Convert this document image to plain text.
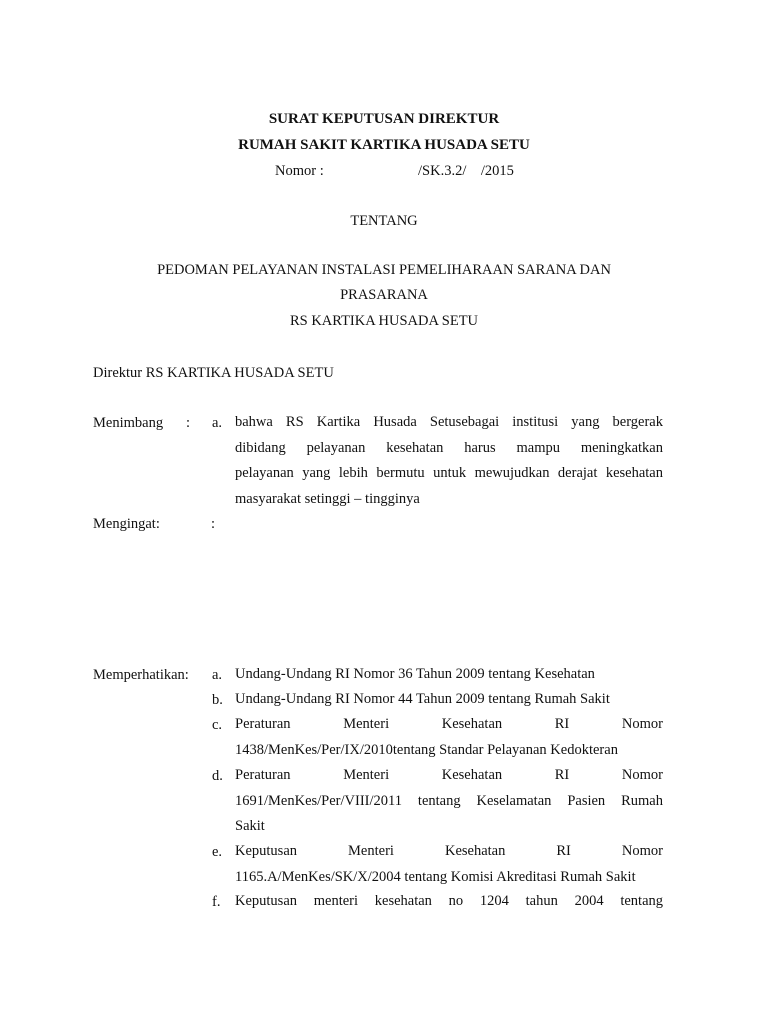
SURAT KEPUTUSAN DIREKTUR
RUMAH SAKIT KARTIKA HUSADA SETU
Nomor :	/SK.3.2/    /2015
TENTANG
PEDOMAN PELAYANAN INSTALASI PEMELIHARAAN SARANA DAN
PRASARANA
RS KARTIKA HUSADA SETU
Direktur RS KARTIKA HUSADA SETU
Menimbang : a. bahwa RS Kartika Husada Setusebagai institusi yang bergerak
dibidang pelayanan kesehatan harus mampu meningkatkan
pelayanan yang lebih bermutu untuk mewujudkan derajat kesehatan
masyarakat setinggi – tingginya
Mengingat:	:
Memperhatikan: a. Undang-Undang RI Nomor 36 Tahun 2009 tentang Kesehatan
b. Undang-Undang RI Nomor 44 Tahun 2009 tentang Rumah Sakit
c. Peraturan Menteri Kesehatan RI Nomor
1438/MenKes/Per/IX/2010tentang Standar Pelayanan Kedokteran
d. Peraturan Menteri Kesehatan RI Nomor
1691/MenKes/Per/VIII/2011 tentang Keselamatan Pasien Rumah
Sakit
e. Keputusan Menteri Kesehatan RI Nomor
1165.A/MenKes/SK/X/2004 tentang Komisi Akreditasi Rumah Sakit
f. Keputusan menteri kesehatan no 1204 tahun 2004 tentang
